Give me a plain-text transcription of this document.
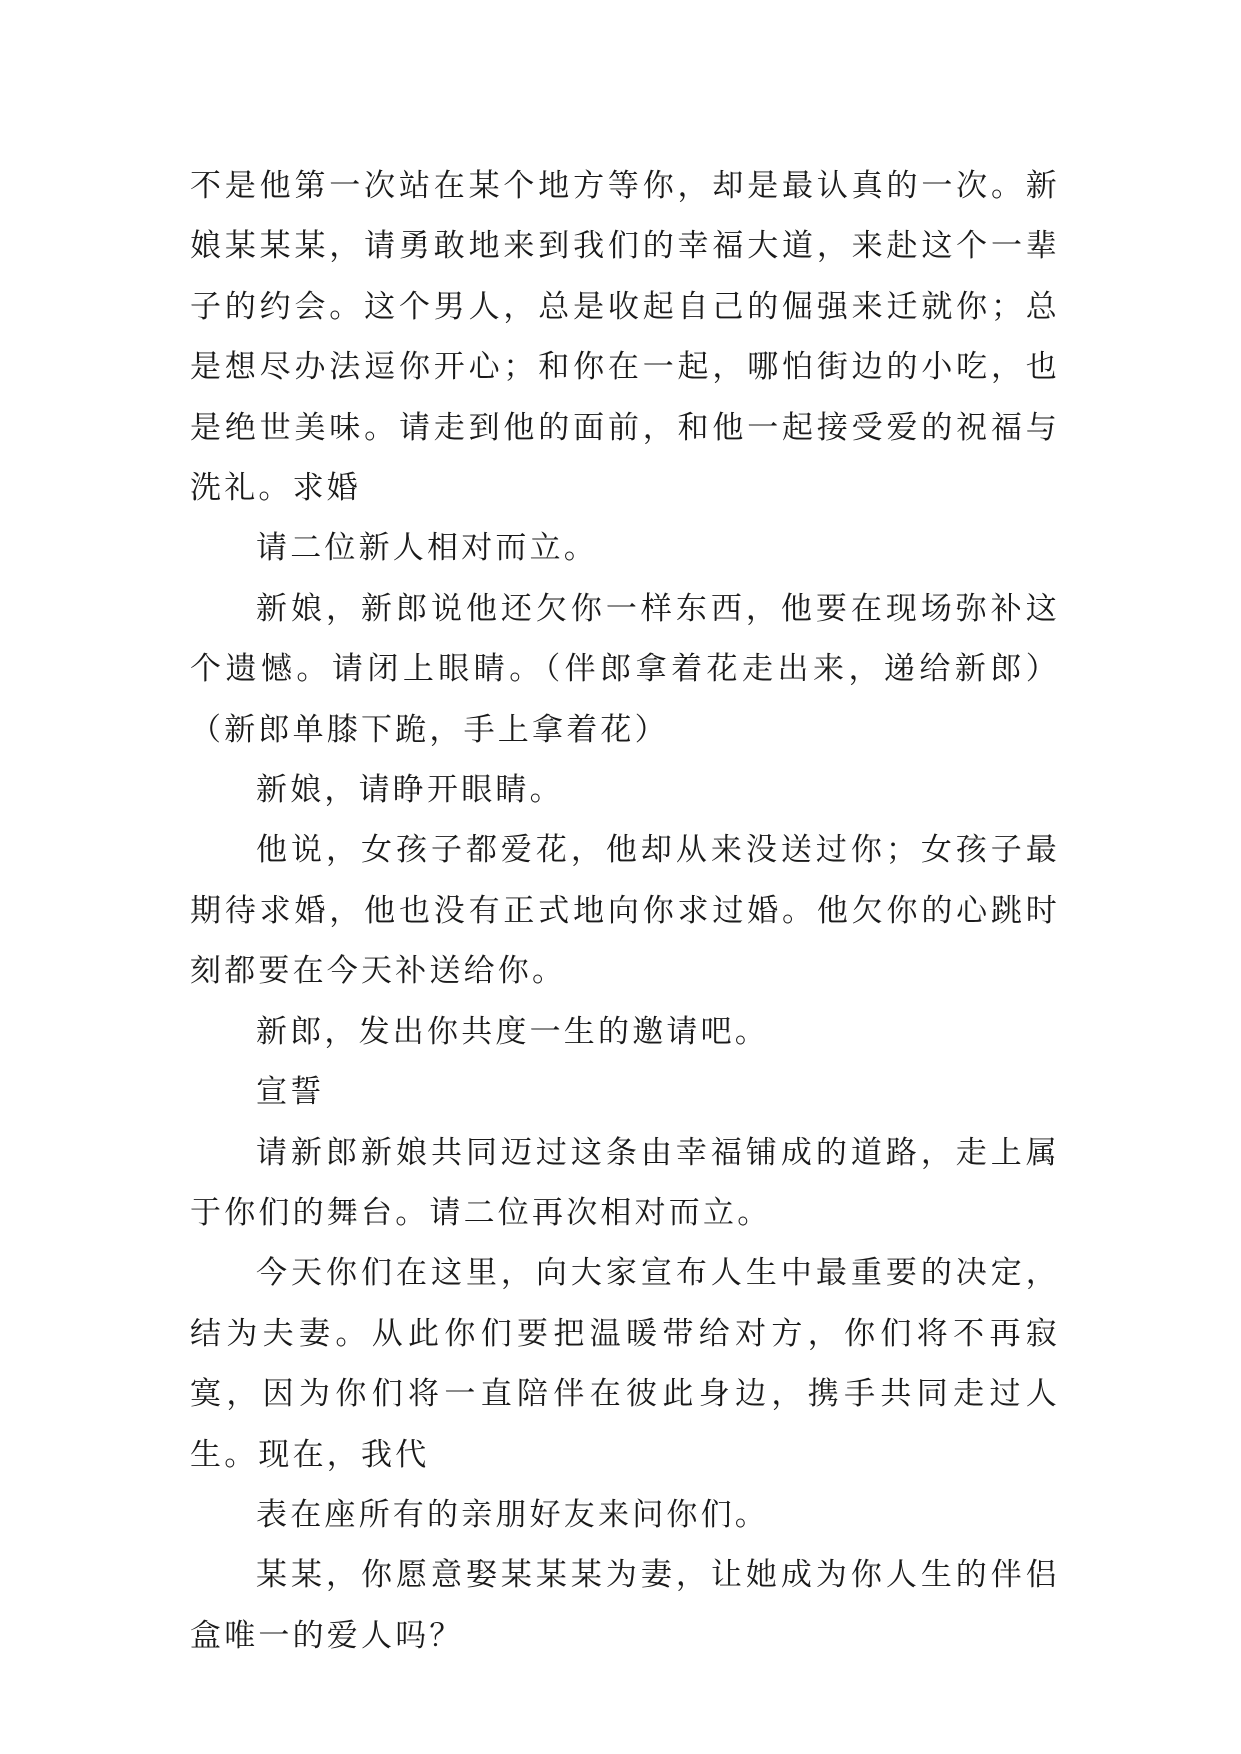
不是他第一次站在某个地方等你，却是最认真的一次。新娘某某某，请勇敢地来到我们的幸福大道，来赴这个一辈子的约会。这个男人，总是收起自己的倔强来迁就你；总是想尽办法逗你开心；和你在一起，哪怕街边的小吃，也是绝世美味。请走到他的面前，和他一起接受爱的祝福与洗礼。求婚

请二位新人相对而立。

新娘，新郎说他还欠你一样东西，他要在现场弥补这个遗憾。请闭上眼睛。（伴郎拿着花走出来，递给新郎）（新郎单膝下跪，手上拿着花）

新娘，请睁开眼睛。

他说，女孩子都爱花，他却从来没送过你；女孩子最期待求婚，他也没有正式地向你求过婚。他欠你的心跳时刻都要在今天补送给你。

新郎，发出你共度一生的邀请吧。

宣誓

请新郎新娘共同迈过这条由幸福铺成的道路，走上属于你们的舞台。请二位再次相对而立。

今天你们在这里，向大家宣布人生中最重要的决定，结为夫妻。从此你们要把温暖带给对方，你们将不再寂寞，因为你们将一直陪伴在彼此身边，携手共同走过人生。现在，我代

表在座所有的亲朋好友来问你们。

某某，你愿意娶某某某为妻，让她成为你人生的伴侣盒唯一的爱人吗？
